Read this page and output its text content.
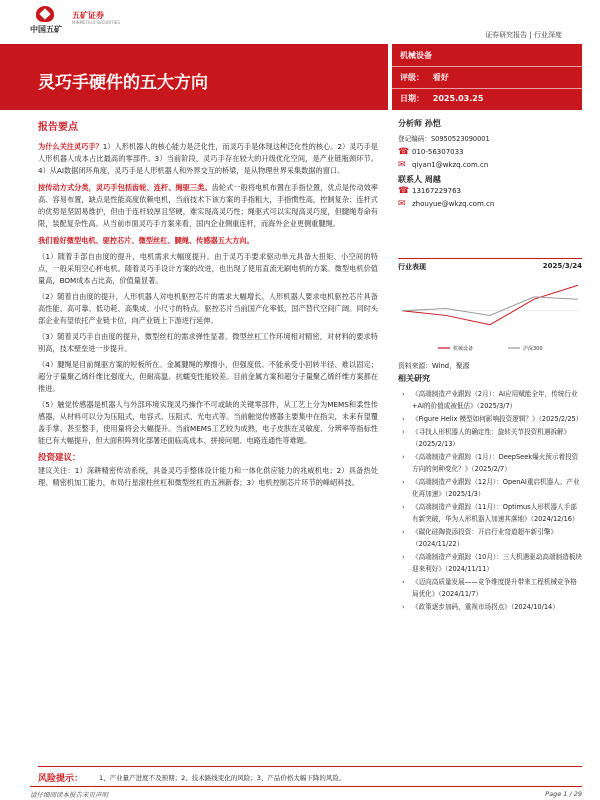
中国五矿
五矿证券
MINMETALS SECURITIES
证券研究报告 | 行业深度
灵巧手硬件的五大方向
机械设备
评级： 看好
日期： 2025.03.25
报告要点
为什么关注灵巧手？1）人形机器人的核心能力是泛化性，而灵巧手是体现这种泛化性的核心。2）灵巧手是人形机器人成本占比最高的零部件。3）当前阶段，灵巧手存在较大的升级优化空间，是产业链瓶颈环节。4）从AI数据闭环角度，灵巧手是人形机器人和外界交互的桥梁，是从物理世界采集数据的窗口。
按传动方式分类，灵巧手包括齿轮、连杆、绳驱三类。齿轮式一般将电机布置在手指位置，优点是传动效率高、容易布置，缺点是性能高度依赖电机，当前技术下该方案的手指粗大，手指惯性高，控制复杂；连杆式的优势是坚固易维护，但由于连杆较厚且坚硬，难实现高灵巧性；绳驱式可以实现高灵巧度，但腱绳寿命有限，装配复杂性高。从当前市面灵巧手方案来看，国内企业侧重连杆，而海外企业更侧重腱绳。
我们看好微型电机、驱控芯片、微型丝杠、腱绳、传感器五大方向。
（1）随着手部自由度的提升，电机需求大幅度提升。由于灵巧手要求驱动单元具备大扭矩、小空间的特点，一般采用空心杯电机。随着灵巧手设计方案的改进，也出现了使用直流无刷电机的方案。微型电机价值量高，BOM成本占比高，价值量显著。
（2）随着自由度的提升，人形机器人对电机驱控芯片的需求大幅增长。人形机器人要求电机驱控芯片具备高性能、高可靠、低功耗、高集成、小尺寸的特点。驱控芯片当前国产化率低，国产替代空间广阔。同时头部企业有望依托产业链卡位，向产业链上下游进行延伸。
（3）随着灵巧手自由度的提升，微型丝杠的需求弹性显著。微型丝杠工作环境相对精密，对材料的要求特别高，技术壁垒进一步提升。
（4）腱绳是目前绳驱方案的短板所在。金属腱绳的摩擦小，但强度低、不能承受小回转半径、难以固定；超分子量聚乙烯纤维比强度大，但耐高温、抗蠕变性能较差。目前金属方案和超分子量聚乙烯纤维方案都在推进。
（5）触觉传感器是机器人与外部环境实现灵巧操作不可或缺的关键零部件，从工艺上分为MEMS和柔性传感器，从材料可以分为压阻式、电容式、压阻式、光电式等。当前触觉传感器主要集中在指尖，未来有望覆盖手掌、甚至整手，使用量将会大幅提升。当前MEMS工艺较为成熟，电子皮肤在灵敏度、分辨率等指标性能已有大幅提升，但大面积阵列化部署还面临高成本、拼接问题、电路连通性等难题。
投资建议：
建议关注：1）深耕精密传动系统，具备灵巧手整体设计能力和一体化供应能力的兆威机电；2）具备热处理、精密机加工能力，布局行星滚柱丝杠和微型丝杠的五洲新春；3）电机控制芯片环节的峰岹科技。
分析师 孙恺
登记编码：S0950523090001
☎ 010-56307033
✉ qiyan1@wkzq.com.cn
联系人 周越
☎ 13167229763
✉ zhouyue@wkzq.com.cn
行业表现	2025/3/24
机械设备	沪深300
资料来源：Wind，聚源
相关研究
›	《高端制造产业跟踪（2月）：AI应用赋能全年，传统行业+AI的价值或被低估》（2025/3/7）
›	《Figure Helix 模型如何影响投资逻辑？》（2025/2/25）
›	《寻找人形机器人的确定性：旋转关节投资机遇拆解》（2025/2/13）
›	《高端制造产业跟踪（1月）：DeepSeek爆火预示着投资方向的何种变化？》（2025/2/7）
›	《高端制造产业跟踪（12月）：OpenAI重启机器人、产业化再加速》（2025/1/3）
›	《高端制造产业跟踪（11月）：Optimus人形机器人手部有新突破，华为人形机器人加速其落地》（2024/12/16）
›	《碳化硅陶瓷添投资：开启行业弯道超车新引擎》（2024/11/22）
›	《高端制造产业跟踪（10月）：三大机遇驱动高端制造板块迎来利好》（2024/11/11）
›	《迈向高质量发展——竞争维度提升带来工程机械竞争格局优化》（2024/11/7）
›	《政策逐步加码，重视市场拐点》（2024/10/14）
风险提示： 1、产业量产进度不及预期；2、技术路线变化的风险；3、产品价格大幅下降的风险。
请仔细阅读本报告末页声明	Page 1 / 29
